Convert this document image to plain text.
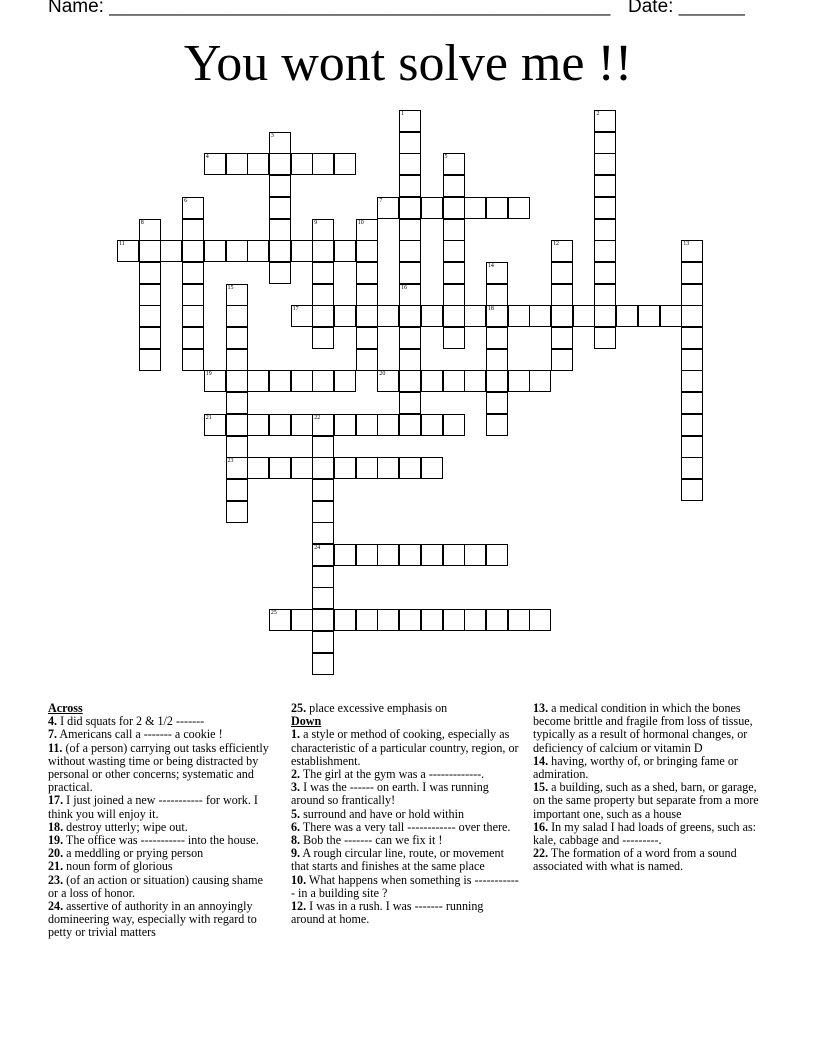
Name: _____________________________________________________ Date: _______
You wont solve me !!
1	2
3
4	5
6	7
8	9	10
11	12	13
14
18
15
23
16
17
19	20
21	22
24
25
Across
4. I did squats for 2 & 1/2 -------
7. Americans call a ------- a cookie !
11. (of a person) carrying out tasks efficiently without wasting time or being distracted by personal or other concerns; systematic and practical.
17. I just joined a new ----------- for work. I think you will enjoy it.
18. destroy utterly; wipe out.
19. The office was ----------- into the house.
20. a meddling or prying person
21. noun form of glorious
23. (of an action or situation) causing shame or a loss of honor.
24. assertive of authority in an annoyingly domineering way, especially with regard to petty or trivial matters
25. place excessive emphasis on
Down
1. a style or method of cooking, especially as characteristic of a particular country, region, or establishment.
2. The girl at the gym was a -------------.
3. I was the ------ on earth. I was running around so frantically!
5. surround and have or hold within
6. There was a very tall ------------ over there.
8. Bob the ------- can we fix it !
9. A rough circular line, route, or movement that starts and finishes at the same place
10. What happens when something is ------------ in a building site ?
12. I was in a rush. I was ------- running around at home.
13. a medical condition in which the bones become brittle and fragile from loss of tissue, typically as a result of hormonal changes, or deficiency of calcium or vitamin D
14. having, worthy of, or bringing fame or admiration.
15. a building, such as a shed, barn, or garage, on the same property but separate from a more important one, such as a house
16. In my salad I had loads of greens, such as: kale, cabbage and ---------.
22. The formation of a word from a sound associated with what is named.
